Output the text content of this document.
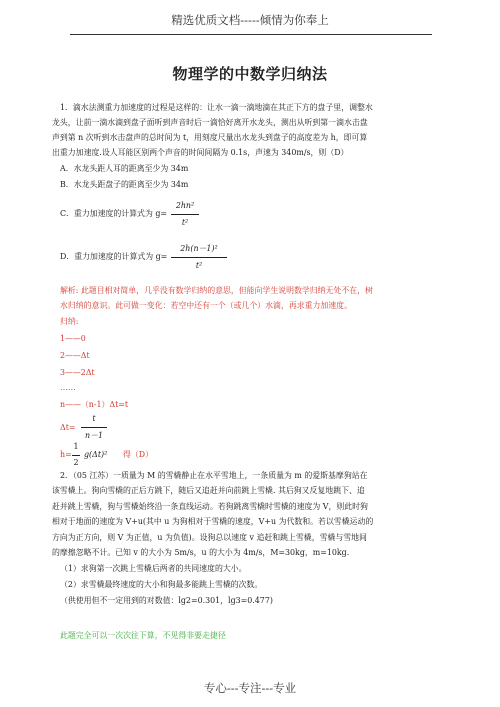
精选优质文档-----倾情为你奉上
物理学的中数学归纳法
1．滴水法测重力加速度的过程是这样的：让水一滴一滴地滴在其正下方的盘子里，调整水
龙头，让前一滴水滴到盘子面听到声音时后一滴恰好离开水龙头，测出从听到第一滴水击盘
声到第 n 次听到水击盘声的总时间为 t，用刻度尺量出水龙头到盘子的高度差为 h，即可算
出重力加速度.设人耳能区别两个声音的时间间隔为 0.1s，声速为 340m/s，则（D）
A．水龙头距人耳的距离至少为 34m
B．水龙头距盘子的距离至少为 34m
C．重力加速度的计算式为 g=
2hn²
t²
D．重力加速度的计算式为 g=
2h(n－1)²
t²
解析: 此题目相对简单，几乎没有数学归纳的意思，但能向学生说明数学归纳无处不在，树
水归纳的意识。此可做一变化：若空中还有一个（或几个）水滴，再求重力加速度。
归纳:
1——0
2——Δt
3——2Δt
……
n——（n-1）Δt=t
Δt=
t
n－1
h=
1
2
g(Δt)² 得（D）
2．（05 江苏）一质量为 M 的雪橇静止在水平雪地上，一条质量为 m 的爱斯基摩狗站在
该雪橇上。狗向雪橇的正后方跳下，随后又追赶并向前跳上雪橇. 其后狗又反复地跳下、追
赶并跳上雪橇，狗与雪橇始终沿一条直线运动。若狗跳离雪橇时雪橇的速度为 V，则此时狗
相对于地面的速度为 V+u(其中 u 为狗相对于雪橇的速度，V+u 为代数和。若以雪橇运动的
方向为正方向，则 V 为正值，u 为负值)。设狗总以速度 v 追赶和跳上雪橇，雪橇与雪地间
的摩擦忽略不计。已知 v 的大小为 5m/s，u 的大小为 4m/s，M=30kg，m=10kg.
（1）求狗第一次跳上雪橇后两者的共同速度的大小。
（2）求雪橇最终速度的大小和狗最多能跳上雪橇的次数。
（供使用但不一定用到的对数值：lg2=0.301，lg3=0.477)
此题完全可以一次次往下算，不见得非要走捷径
专心---专注---专业
